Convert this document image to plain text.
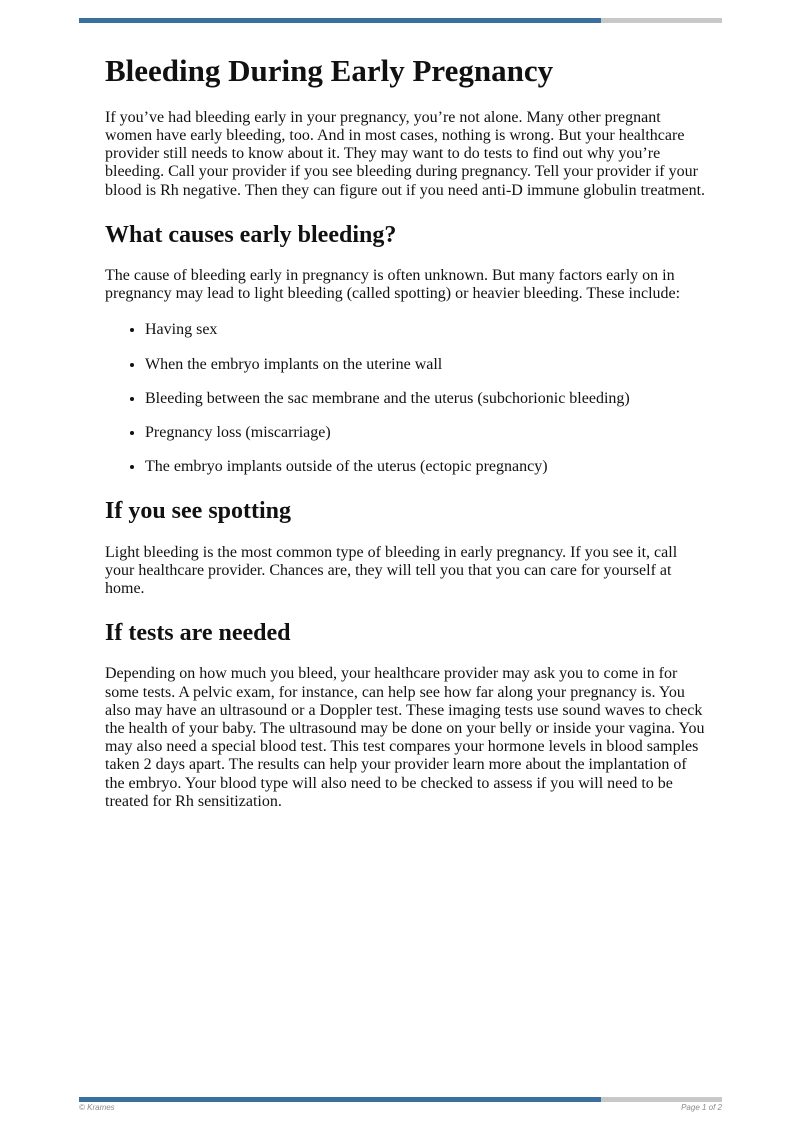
Bleeding During Early Pregnancy

If you’ve had bleeding early in your pregnancy, you’re not alone. Many other pregnant women have early bleeding, too. And in most cases, nothing is wrong. But your healthcare provider still needs to know about it. They may want to do tests to find out why you’re bleeding. Call your provider if you see bleeding during pregnancy. Tell your provider if your blood is Rh negative. Then they can figure out if you need anti-D immune globulin treatment.

What causes early bleeding?

The cause of bleeding early in pregnancy is often unknown. But many factors early on in pregnancy may lead to light bleeding (called spotting) or heavier bleeding. These include:

• Having sex
• When the embryo implants on the uterine wall
• Bleeding between the sac membrane and the uterus (subchorionic bleeding)
• Pregnancy loss (miscarriage)
• The embryo implants outside of the uterus (ectopic pregnancy)
If you see spotting

Light bleeding is the most common type of bleeding in early pregnancy. If you see it, call your healthcare provider. Chances are, they will tell you that you can care for yourself at home.

If tests are needed

Depending on how much you bleed, your healthcare provider may ask you to come in for some tests. A pelvic exam, for instance, can help see how far along your pregnancy is. You also may have an ultrasound or a Doppler test. These imaging tests use sound waves to check the health of your baby. The ultrasound may be done on your belly or inside your vagina. You may also need a special blood test. This test compares your hormone levels in blood samples taken 2 days apart. The results can help your provider learn more about the implantation of the embryo. Your blood type will also need to be checked to assess if you will need to be treated for Rh sensitization.

© Krames	Page 1 of 2
